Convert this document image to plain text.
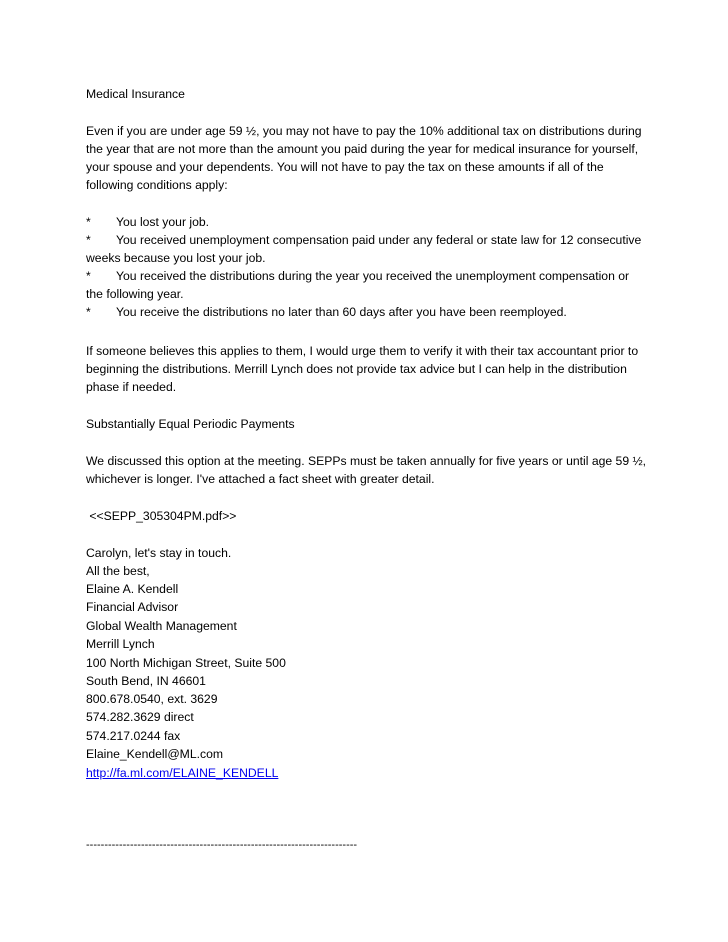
Medical Insurance
Even if you are under age 59 ½, you may not have to pay the 10% additional tax on distributions during
the year that are not more than the amount you paid during the year for medical insurance for yourself,
your spouse and your dependents. You will not have to pay the tax on these amounts if all of the
following conditions apply:
* You lost your job.
* You received unemployment compensation paid under any federal or state law for 12 consecutive
weeks because you lost your job.
* You received the distributions during the year you received the unemployment compensation or
the following year.
* You receive the distributions no later than 60 days after you have been reemployed.
If someone believes this applies to them, I would urge them to verify it with their tax accountant prior to
beginning the distributions. Merrill Lynch does not provide tax advice but I can help in the distribution
phase if needed.
Substantially Equal Periodic Payments
We discussed this option at the meeting. SEPPs must be taken annually for five years or until age 59 ½,
whichever is longer. I've attached a fact sheet with greater detail.
<<SEPP_305304PM.pdf>>
Carolyn, let's stay in touch.
All the best,
Elaine A. Kendell
Financial Advisor
Global Wealth Management
Merrill Lynch
100 North Michigan Street, Suite 500
South Bend, IN 46601
800.678.0540, ext. 3629
574.282.3629 direct
574.217.0244 fax
Elaine_Kendell@ML.com
http://fa.ml.com/ELAINE_KENDELL
--------------------------------------------------------------------------
